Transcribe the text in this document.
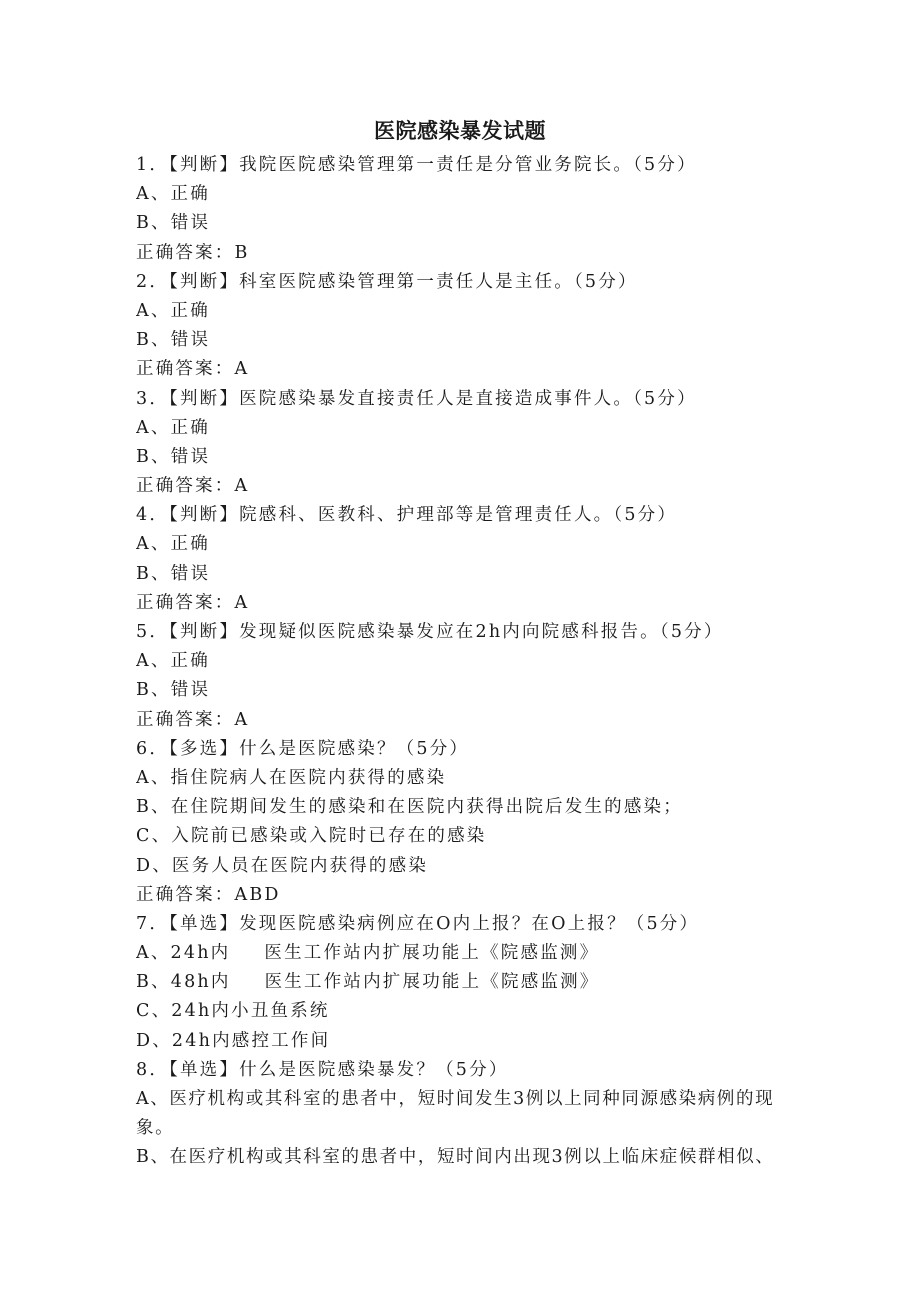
医院感染暴发试题
1．【判断】我院医院感染管理第一责任是分管业务院长。（5分）
A、正确
B、错误
正确答案：B
2．【判断】科室医院感染管理第一责任人是主任。（5分）
A、正确
B、错误
正确答案：A
3．【判断】医院感染暴发直接责任人是直接造成事件人。（5分）
A、正确
B、错误
正确答案：A
4．【判断】院感科、医教科、护理部等是管理责任人。（5分）
A、正确
B、错误
正确答案：A
5．【判断】发现疑似医院感染暴发应在2h内向院感科报告。（5分）
A、正确
B、错误
正确答案：A
6．【多选】什么是医院感染？（5分）
A、指住院病人在医院内获得的感染
B、在住院期间发生的感染和在医院内获得出院后发生的感染；
C、入院前已感染或入院时已存在的感染
D、医务人员在医院内获得的感染
正确答案：ABD
7．【单选】发现医院感染病例应在O内上报？在O上报？（5分）
A、24h内 医生工作站内扩展功能上《院感监测》
B、48h内 医生工作站内扩展功能上《院感监测》
C、24h内小丑鱼系统
D、24h内感控工作间
8．【单选】什么是医院感染暴发？（5分）
A、医疗机构或其科室的患者中，短时间发生3例以上同种同源感染病例的现象。
B、在医疗机构或其科室的患者中，短时间内出现3例以上临床症候群相似、
